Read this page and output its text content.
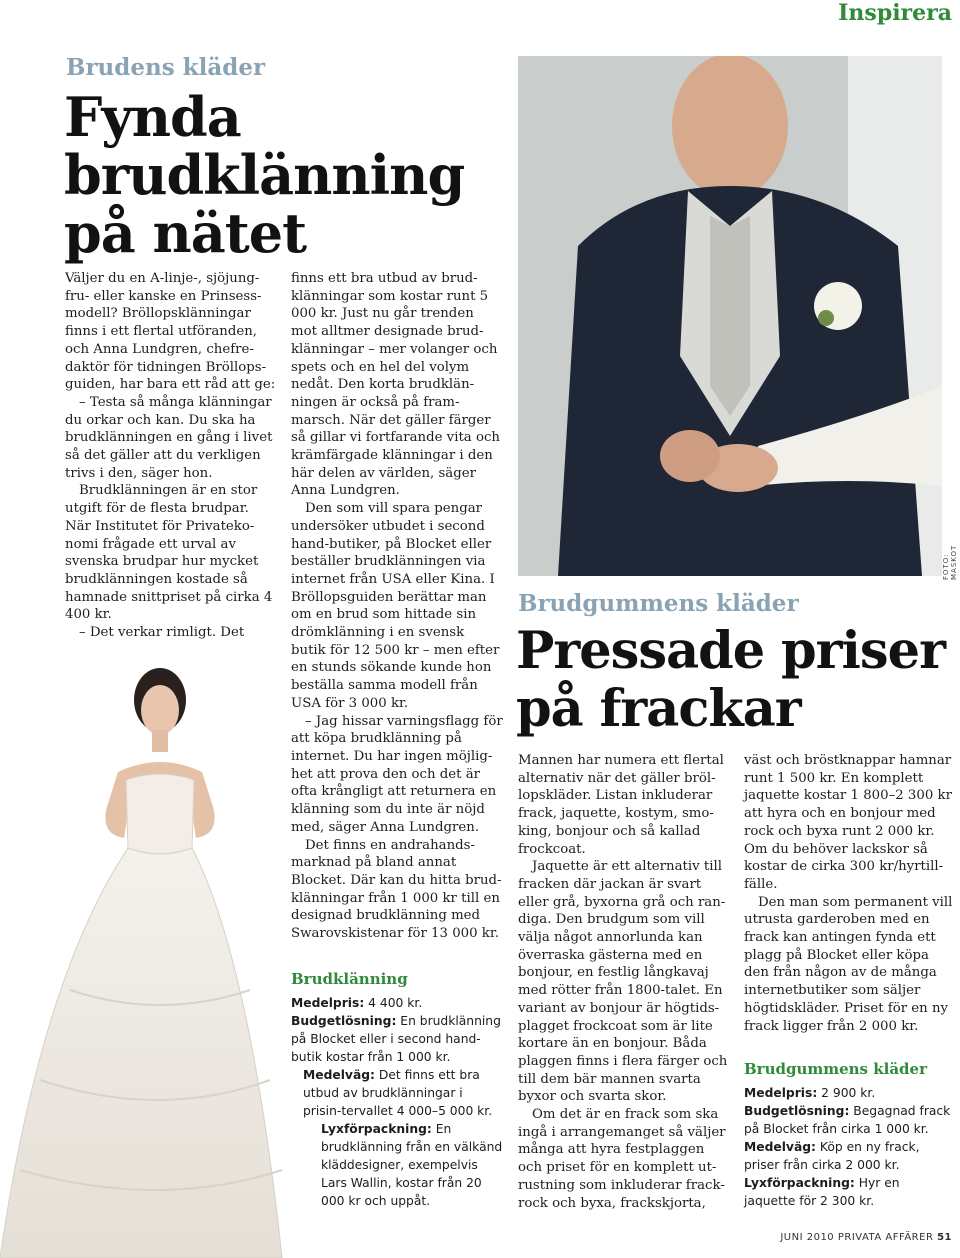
Inspirera
Brudens kläder
Fynda
brudklänning
på nätet

Väljer du en A-linje-, sjöjung-fru- eller kanske en Prinsess-modell? Bröllopsklänningar finns i ett flertal utföranden, och Anna Lundgren, chefre-daktör för tidningen Bröllops-guiden, har bara ett råd att ge:

– Testa så många klänningar du orkar och kan. Du ska ha brudklänningen en gång i livet så det gäller att du verkligen trivs i den, säger hon.

Brudklänningen är en stor utgift för de flesta brudpar. När Institutet för Privateko-nomi frågade ett urval av svenska brudpar hur mycket brudklänningen kostade så hamnade snittpriset på cirka 4 400 kr.

– Det verkar rimligt. Det

finns ett bra utbud av brud-klänningar som kostar runt 5 000 kr. Just nu går trenden mot alltmer designade brud-klänningar – mer volanger och spets och en hel del volym nedåt. Den korta brudklän-ningen är också på fram-marsch. När det gäller färger så gillar vi fortfarande vita och krämfärgade klänningar i den här delen av världen, säger Anna Lundgren.

Den som vill spara pengar undersöker utbudet i second hand-butiker, på Blocket eller beställer brudklänningen via internet från USA eller Kina. I Bröllopsguiden berättar man om en brud som hittade sin drömklänning i en svensk butik för 12 500 kr – men efter en stunds sökande kunde hon beställa samma modell från USA för 3 000 kr.

– Jag hissar varningsflagg för att köpa brudklänning på internet. Du har ingen möjlig-het att prova den och det är ofta krångligt att returnera en klänning som du inte är nöjd med, säger Anna Lundgren.

Det finns en andrahands-marknad på bland annat Blocket. Där kan du hitta brud-klänningar från 1 000 kr till en designad brudklänning med Swarovskistenar för 13 000 kr.

Brudklänning

Medelpris: 4 400 kr.

Budgetlösning: En brudklänning på Blocket eller i second hand-butik kostar från 1 000 kr.

Medelväg: Det finns ett bra utbud av brudklänningar i prisin-tervallet 4 000–5 000 kr.

Lyxförpackning: En brudklänning från en välkänd kläddesigner, exempelvis Lars Wallin, kostar från 20 000 kr och uppåt.

FOTO: MASKOT
Brudgummens kläder
Pressade priser
på frackar

Mannen har numera ett flertal alternativ när det gäller bröl-lopskläder. Listan inkluderar frack, jaquette, kostym, smo-king, bonjour och så kallad frockcoat.

Jaquette är ett alternativ till fracken där jackan är svart eller grå, byxorna grå och ran-diga. Den brudgum som vill välja något annorlunda kan överraska gästerna med en bonjour, en festlig långkavaj med rötter från 1800-talet. En variant av bonjour är högtids-plagget frockcoat som är lite kortare än en bonjour. Båda plaggen finns i flera färger och till dem bär mannen svarta byxor och svarta skor.

Om det är en frack som ska ingå i arrangemanget så väljer många att hyra festplaggen och priset för en komplett ut-rustning som inkluderar frack-rock och byxa, frackskjorta,

väst och bröstknappar hamnar runt 1 500 kr. En komplett jaquette kostar 1 800–2 300 kr att hyra och en bonjour med rock och byxa runt 2 000 kr. Om du behöver lackskor så kostar de cirka 300 kr/hyrtill-fälle.

Den man som permanent vill utrusta garderoben med en frack kan antingen fynda ett plagg på Blocket eller köpa den från någon av de många internetbutiker som säljer högtidskläder. Priset för en ny frack ligger från 2 000 kr.

Brudgummens kläder

Medelpris: 2 900 kr.

Budgetlösning: Begagnad frack på Blocket från cirka 1 000 kr.

Medelväg: Köp en ny frack, priser från cirka 2 000 kr.

Lyxförpackning: Hyr en jaquette för 2 300 kr.

JUNI 2010 PRIVATA AFFÄRER 51
